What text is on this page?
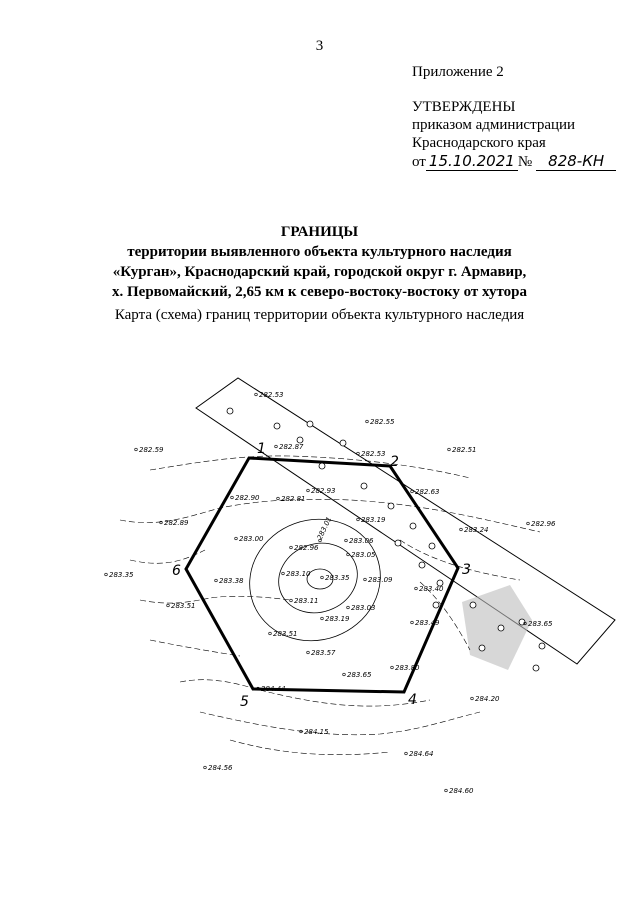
3
Приложение 2
УТВЕРЖДЕНЫ
приказом администрации
Краснодарского края
от 15.10.2021 № 828-КН
ГРАНИЦЫ
территории выявленного объекта культурного наследия
«Курган», Краснодарский край, городской округ г. Армавир,
х. Первомайский, 2,65 км к северо-востоку-востоку от хутора
Карта (схема) границ территории объекта культурного наследия
282.53
282.55
282.51
282.59	282.87
282.53
282.63
282.96
282.93
282.90	282.81
283.19
283.24
282.89
283.00
282.96
283.06
283.05
283.35
283.38
283.10 283.35	283.09
283.40
283.51
283.11
283.03
283.65
283.19	283.49
283.51
283.57
283.80
283.65
284.44
284.20
284.15
284.64
284.56
284.60
283.01
1
2
3
4
5
6
